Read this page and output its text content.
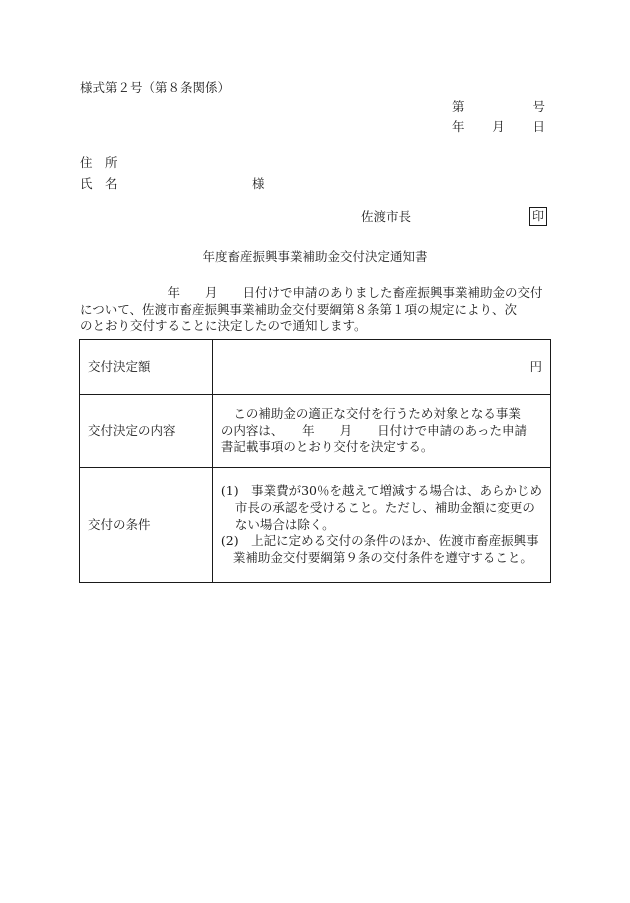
様式第２号（第８条関係）
第	号
年 月 日
住　所
氏　名	様
佐渡市長	印
年度畜産振興事業補助金交付決定通知書
　　　　　　　年　　月　　日付けで申請のありました畜産振興事業補助金の交付
について、佐渡市畜産振興事業補助金交付要綱第８条第１項の規定により、次
のとおり交付することに決定したので通知します。
交付決定額	円
交付決定の内容	　この補助金の適正な交付を行うため対象となる事業
の内容は、　　年　　月　　日付けで申請のあった申請
書記載事項のとおり交付を決定する。

交付の条件	(1)　事業費が30％を越えて増減する場合は、あらかじめ
市長の承認を受けること。ただし、補助金額に変更の
ない場合は除く。
(2)　上記に定める交付の条件のほか、佐渡市畜産振興事
業補助金交付要綱第９条の交付条件を遵守すること。
